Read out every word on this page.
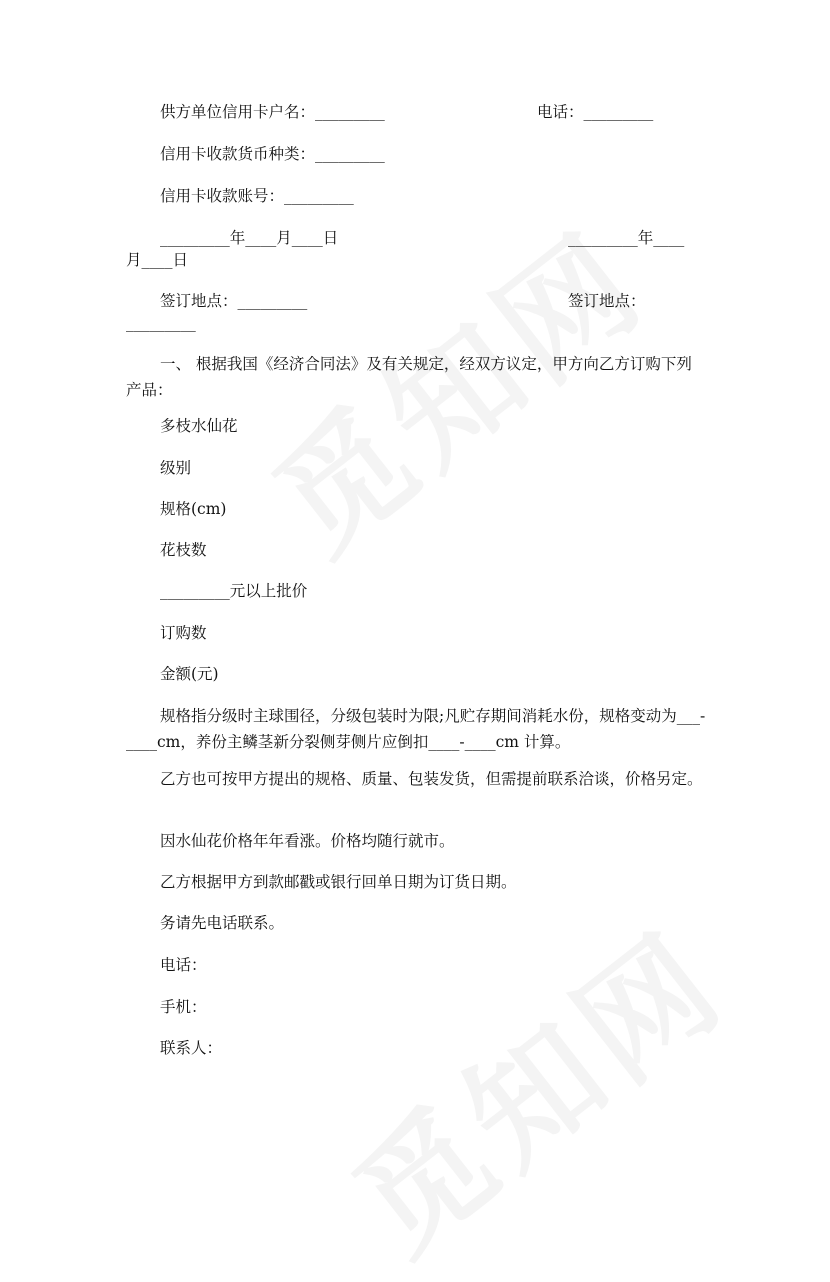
供方单位信用卡户名：_________	电话：_________
信用卡收款货币种类：_________
信用卡收款账号：_________
_________年____月____日	_________年____
月____日
签订地点：_________	签订地点：
_________
一、 根据我国《经济合同法》及有关规定，经双方议定，甲方向乙方订购下列产品：
多枝水仙花
级别
规格(cm)
花枝数
_________元以上批价
订购数
金额(元)
规格指分级时主球围径，分级包装时为限;凡贮存期间消耗水份，规格变动为___-____cm，养份主鳞茎新分裂侧芽侧片应倒扣____-____cm 计算。
乙方也可按甲方提出的规格、质量、包装发货，但需提前联系洽谈，价格另定。
因水仙花价格年年看涨。价格均随行就市。
乙方根据甲方到款邮戳或银行回单日期为订货日期。
务请先电话联系。
电话：
手机：
联系人：
